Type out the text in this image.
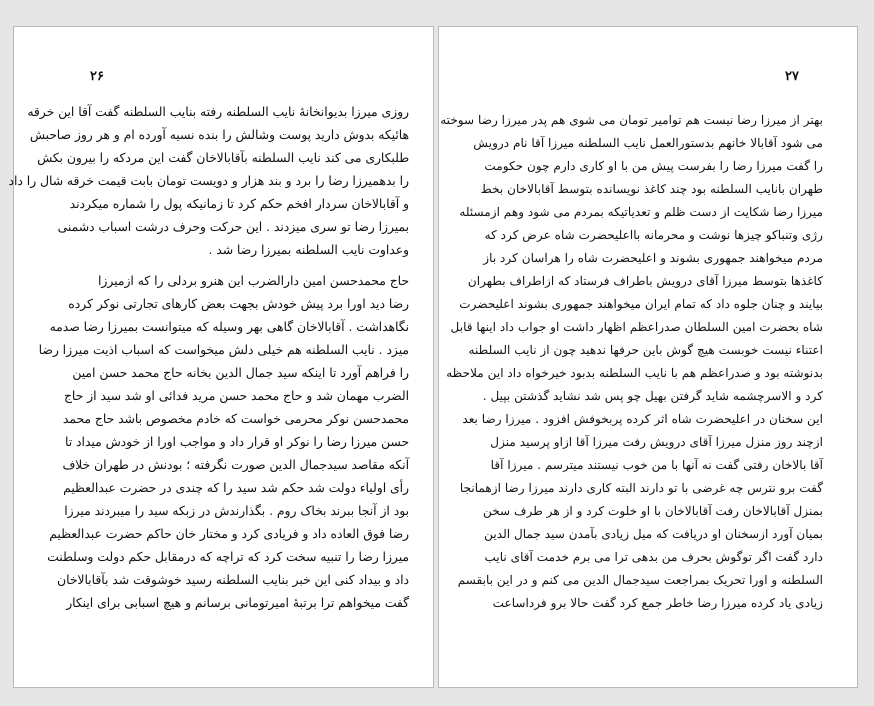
۲۶
روزی میرزا بدیوانخانهٔ نایب السلطنه رفته بنایب السلطنه گفت آقا این خرقه
هائیکه بدوش دارید پوست وشالش را بنده نسیه آورده ام و هر روز صاحبش
طلبکاری می کند نایب السلطنه بآقابالاخان گفت این مردکه را بیرون بکش
را بدهمیرزا رضا را برد و بند هزار و دویست تومان بابت قیمت خرقه شال را داد
و آقابالاخان سردار افخم حکم کرد تا زمانیکه پول را شماره میکردند
بمیرزا رضا تو سری میزدند . این حرکت وحرف درشت اسباب دشمنی
وعداوت نایب السلطنه بمیرزا رضا شد .
حاج محمدحسن امین دارالضرب این هنرو بردلی را که ازمیرزا
رضا دید اورا برد پیش خودش بجهت بعض کارهای تجارتی نوکر کرده
نگاهداشت . آقابالاخان گاهی بهر وسیله که میتوانست بمیرزا رضا صدمه
میزد . نایب السلطنه هم خیلی دلش میخواست که اسباب اذیت میرزا رضا
را فراهم آورد تا اینکه سید جمال الدین بخانه حاج محمد حسن امین
الضرب مهمان شد و حاج محمد حسن مرید فدائی او شد سید از حاج
محمدحسن نوکر محرمی خواست که خادم مخصوص باشد حاج محمد
حسن میرزا رضا را نوکر او قرار داد و مواجب اورا از خودش میداد تا
آنکه مقاصد سیدجمال الدین صورت نگرفته ؛ بودنش در طهران خلاف
رأی اولیاء دولت شد حکم شد سید را که چندی در حضرت عبدالعظیم
بود از آنجا ببرند بخاک روم . بگذارندش در زبکه سید را میبردند میرزا
رضا فوق العاده داد و فریادی کرد و مختار خان حاکم حضرت عبدالعظیم
میرزا رضا را تنبیه سخت کرد که تراچه که درمقابل حکم دولت وسلطنت
داد و بیداد کنی این خبر بنایب السلطنه رسید خوشوقت شد بآقابالاخان
گفت میخواهم ترا برتبهٔ امیرتومانی برسانم و هیچ اسبابی برای اینکار
۲۷
بهتر از میرزا رضا نیست هم توامیر تومان می شوی هم پدر میرزا رضا سوخته
می شود آقابالا خانهم بدستورالعمل نایب السلطنه میرزا آقا نام درویش
را گفت میرزا رضا را بفرست پیش من با او کاری دارم چون حکومت
طهران بانایب السلطنه بود چند کاغذ نویسانده بتوسط آقابالاخان بخط
میرزا رضا شکایت از دست ظلم و تعدیاتیکه بمردم می شود وهم ازمسئله
رژی وتنباکو چیزها نوشت و محرمانه بااعلیحضرت شاه عرض کرد که
مردم میخواهند جمهوری بشوند و اعلیحضرت شاه را هراسان کرد باز
کاغذها بتوسط میرزا آقای درویش باطراف فرستاد که ازاطراف بطهران
بیایند و چنان جلوه داد که تمام ایران میخواهند جمهوری بشوند اعلیحضرت
شاه بحضرت امین السلطان صدراعظم اظهار داشت او جواب داد اینها قابل
اعتناء نیست خوبست هیچ گوش باین حرفها ندهید چون از نایب السلطنه
بدنوشته بود و صدراعظم هم با نایب السلطنه بدبود خیرخواه داد این ملاحظه
کرد و الاسرچشمه شاید گرفتن بهیل چو پس شد نشاید گذشتن بپیل .
این سخنان در اعلیحضرت شاه اثر کرده پربخوفش افزود . میرزا رضا بعد
ازچند روز منزل میرزا آقای درویش رفت میرزا آقا ازاو پرسید منزل
آقا بالاخان رفتی گفت نه آنها با من خوب نیستند میترسم . میرزا آقا
گفت برو نترس چه غرضی با تو دارند البته کاری دارند میرزا رضا ازهمانجا
بمنزل آقابالاخان رفت آقابالاخان با او خلوت کرد و از هر طرف سخن
بمیان آورد ازسخنان او دریافت که میل زیادی بآمدن سید جمال الدین
دارد گفت اگر توگوش بحرف من بدهی ترا می برم خدمت آقای نایب
السلطنه و اورا تحریک بمراجعت سیدجمال الدین می کنم و در این بابقسم
زیادی یاد کرده میرزا رضا خاطر جمع کرد گفت حالا برو فرداساعت
